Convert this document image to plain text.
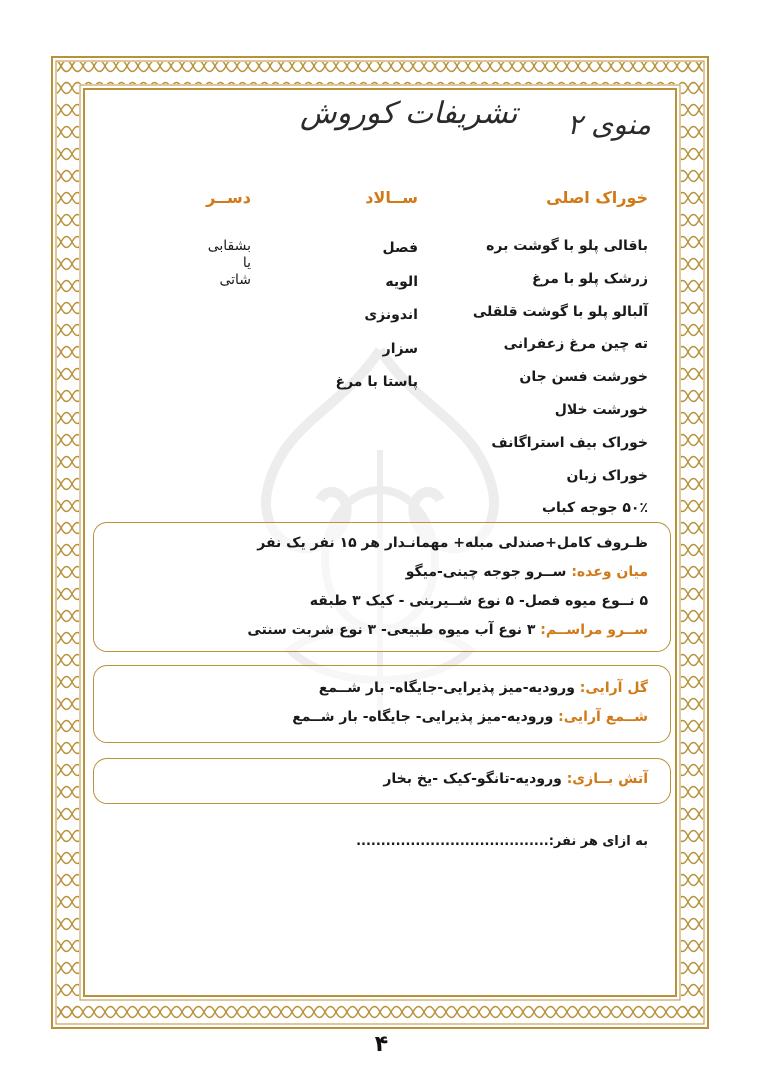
تشریفات کوروش منوی ۲
خوراک اصلی
ســالاد
دســر
باقالی پلو با گوشت بره
زرشک پلو با مرغ
آلبالو پلو با گوشت قلقلی
ته چین مرغ زعفرانی
خورشت فسن جان
خورشت خلال
خوراک بیف استراگانف
خوراک زبان
۵۰٪ جوجه کباب
فصل
الویه
اندونزی
سزار
پاستا با مرغ
بشقابی
یا
شاتی
ظـروف کامل+صندلی مبله+ مهمانـدار هر ۱۵ نفر یک نفر
میان وعده: ســرو جوجه چینی-میگو
۵ نــوع میوه فصل- ۵ نوع شــیرینی - کیک ۳ طبقه
ســرو مراســم: ۳ نوع آب میوه طبیعی- ۳ نوع شربت سنتی
گل آرایی: ورودیه-میز پذیرایی-جایگاه- بار شــمع
شــمع آرایی: ورودیه-میز پذیرایی- جایگاه- بار شــمع
آتش بــازی: ورودیه-تانگو-کیک -یخ بخار
به ازای هر نفر:.......................................
۴
